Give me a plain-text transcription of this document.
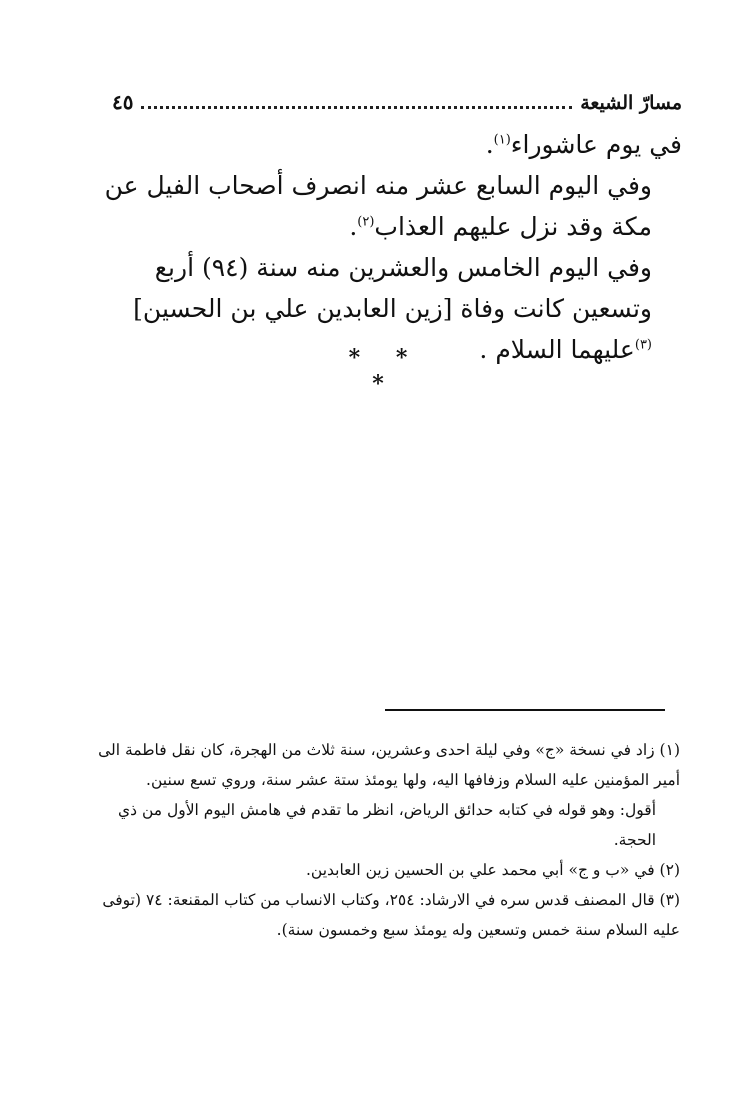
مسارّ الشيعة
٤٥

في يوم عاشوراء$^{(١)}$.

وفي اليوم السابع عشر منه انصرف أصحاب الفيل عن مكة وقد نزل عليهم العذاب$^{(٢)}$.

وفي اليوم الخامس والعشرين منه سنة (٩٤) أربع وتسعين كانت وفاة [زين العابدين علي بن الحسين]$^{(٣)}$عليهما السلام .

* * *

(١) زاد في نسخة «ج» وفي ليلة احدى وعشرين، سنة ثلاث من الهجرة، كان نقل فاطمة الى أمير المؤمنين عليه السلام وزفافها اليه، ولها يومئذ ستة عشر سنة، وروي تسع سنين.

أقول: وهو قوله في كتابه حدائق الرياض، انظر ما تقدم في هامش اليوم الأول من ذي الحجة.

(٢) في «ب و ج» أبي محمد علي بن الحسين زين العابدين.

(٣) قال المصنف قدس سره في الارشاد: ٢٥٤، وكتاب الانساب من كتاب المقنعة: ٧٤ (توفى عليه السلام سنة خمس وتسعين وله يومئذ سبع وخمسون سنة).
